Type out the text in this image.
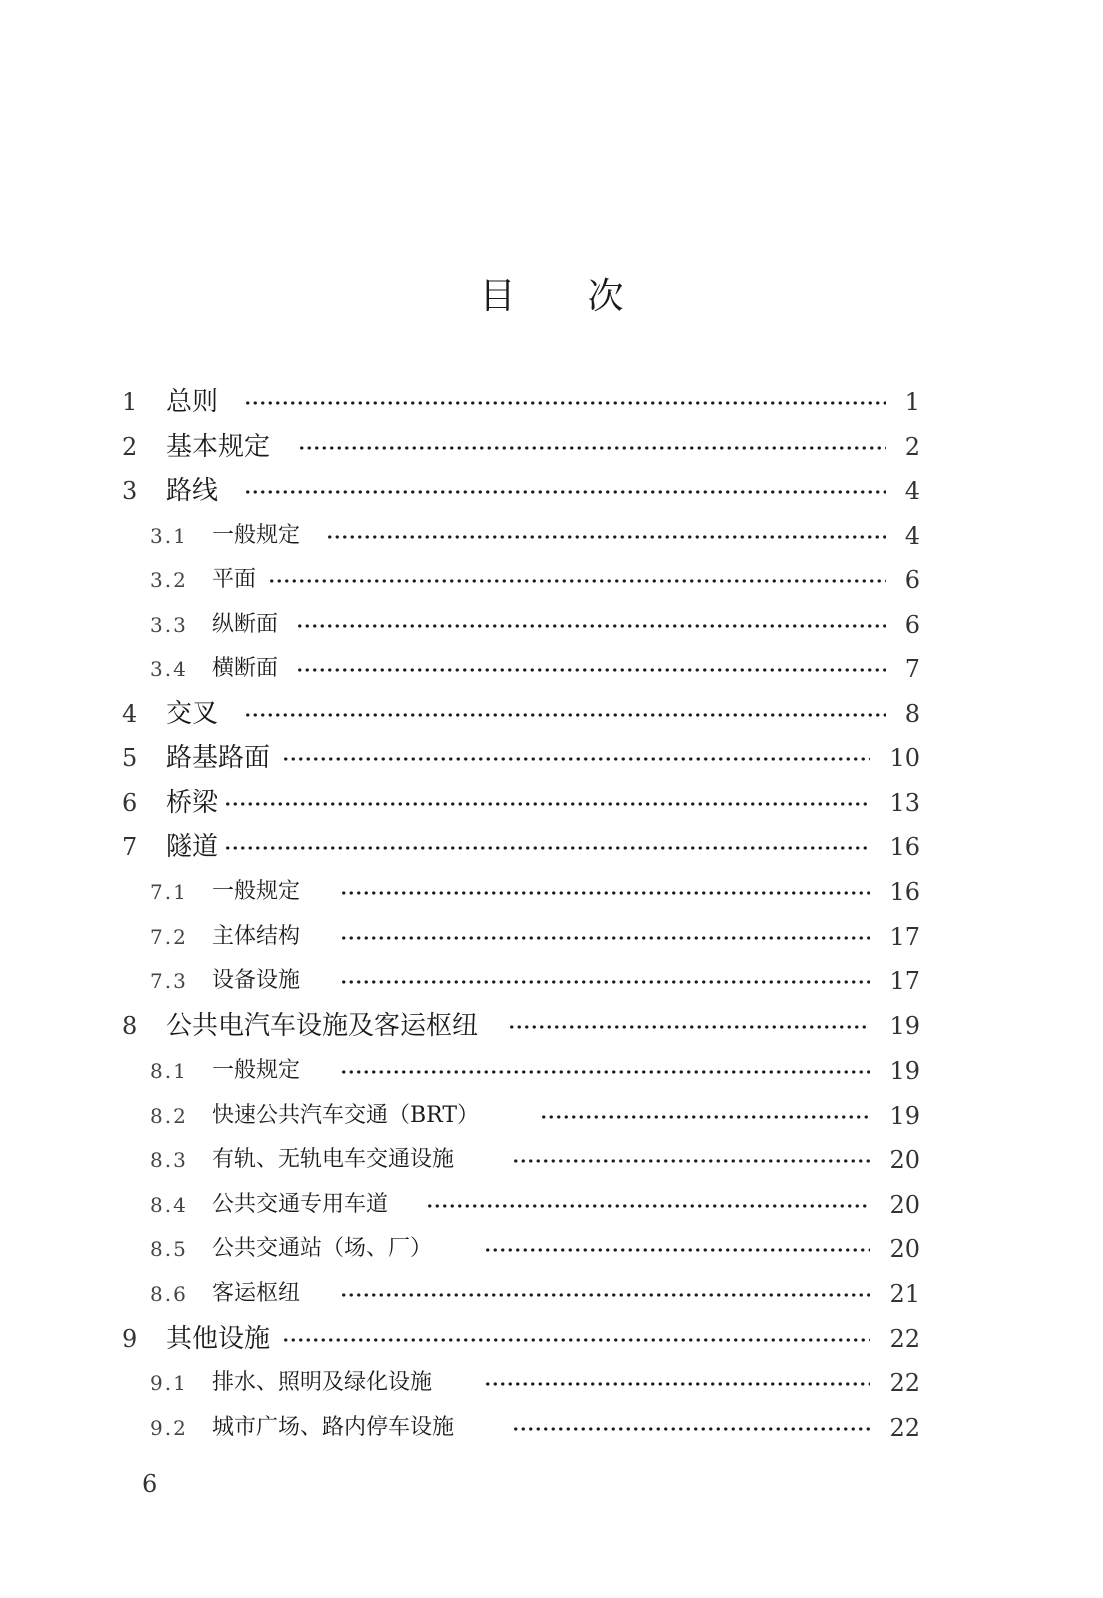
目 次
1 总则	1
2 基本规定	2
3 路线	4
3.1 一般规定	4
3.2 平面	6
3.3 纵断面	6
3.4 横断面	7
4 交叉	8
5 路基路面	10
6 桥梁	13
7 隧道	16
7.1 一般规定	16
7.2 主体结构	17
7.3 设备设施	17
8 公共电汽车设施及客运枢纽	19
8.1 一般规定	19
8.2 快速公共汽车交通（BRT）	19
8.3 有轨、无轨电车交通设施	20
8.4 公共交通专用车道	20
8.5 公共交通站（场、厂）	20
8.6 客运枢纽	21
9 其他设施	22
9.1 排水、照明及绿化设施	22
9.2 城市广场、路内停车设施	22
6
